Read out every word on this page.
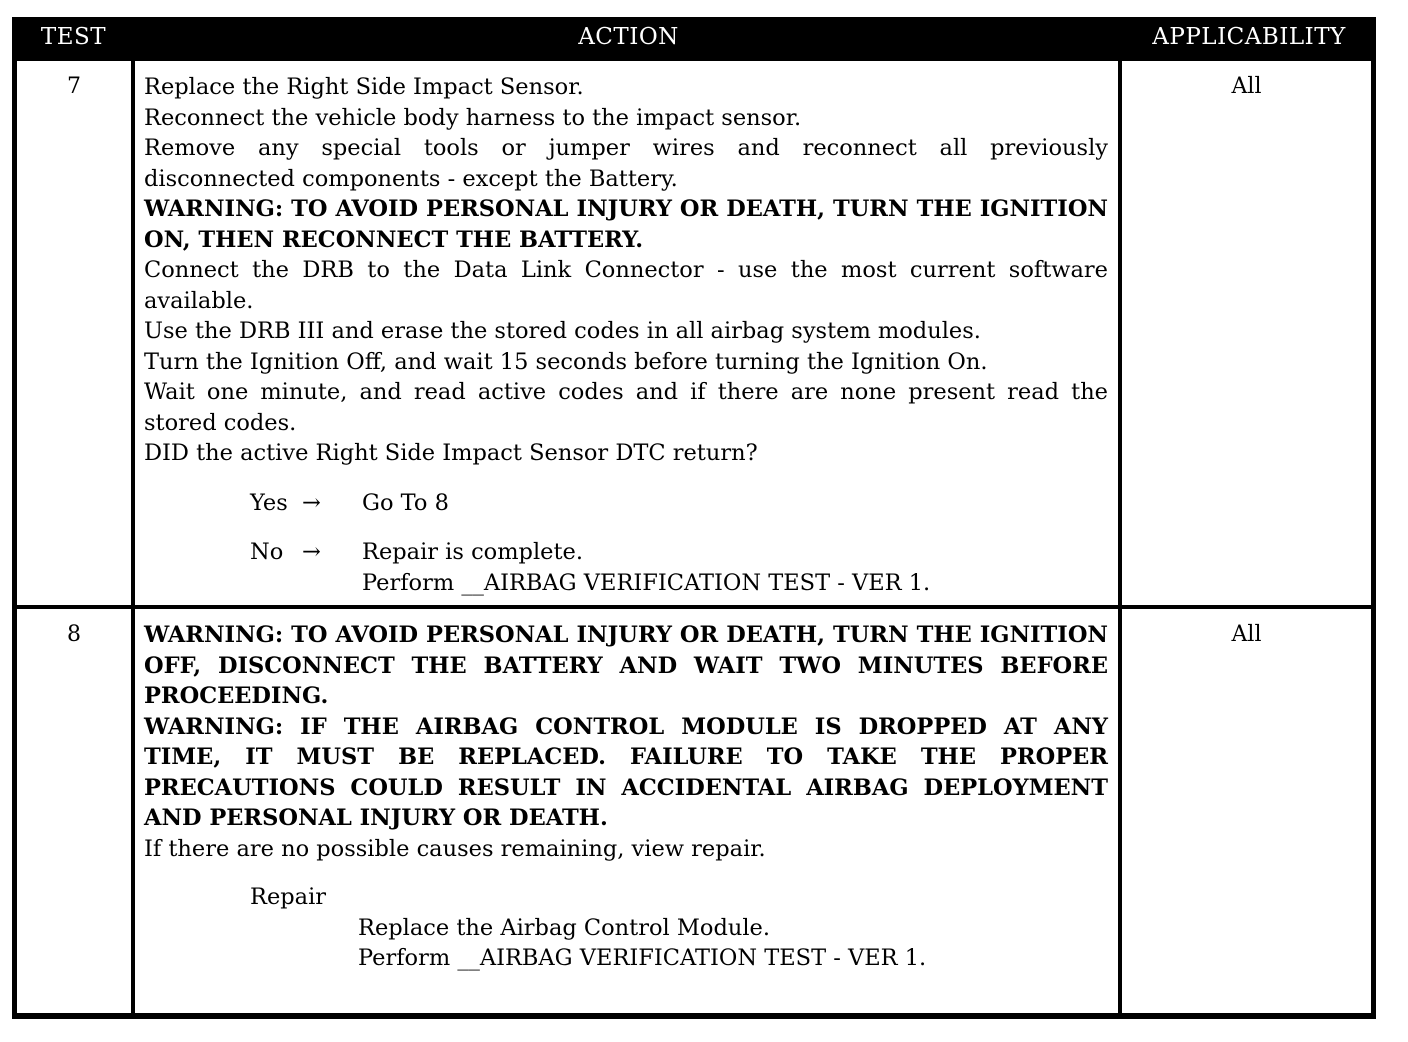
TEST	ACTION	APPLICABILITY
7	Replace the Right Side Impact Sensor.

Reconnect the vehicle body harness to the impact sensor.

Remove any special tools or jumper wires and reconnect all previously disconnected components - except the Battery.

WARNING: TO AVOID PERSONAL INJURY OR DEATH, TURN THE IGNITION ON, THEN RECONNECT THE BATTERY.

Connect the DRB to the Data Link Connector - use the most current software available.

Use the DRB III and erase the stored codes in all airbag system modules.

Turn the Ignition Off, and wait 15 seconds before turning the Ignition On.

Wait one minute, and read active codes and if there are none present read the stored codes.

DID the active Right Side Impact Sensor DTC return?

Yes →	Go To 8
No →	Repair is complete.
Perform __AIRBAG VERIFICATION TEST - VER 1.
All
8	WARNING: TO AVOID PERSONAL INJURY OR DEATH, TURN THE IGNITION OFF, DISCONNECT THE BATTERY AND WAIT TWO MINUTES BEFORE PROCEEDING.

WARNING: IF THE AIRBAG CONTROL MODULE IS DROPPED AT ANY TIME, IT MUST BE REPLACED. FAILURE TO TAKE THE PROPER PRECAUTIONS COULD RESULT IN ACCIDENTAL AIRBAG DEPLOYMENT AND PERSONAL INJURY OR DEATH.

If there are no possible causes remaining, view repair.

Repair
Replace the Airbag Control Module.
Perform __AIRBAG VERIFICATION TEST - VER 1.
All
